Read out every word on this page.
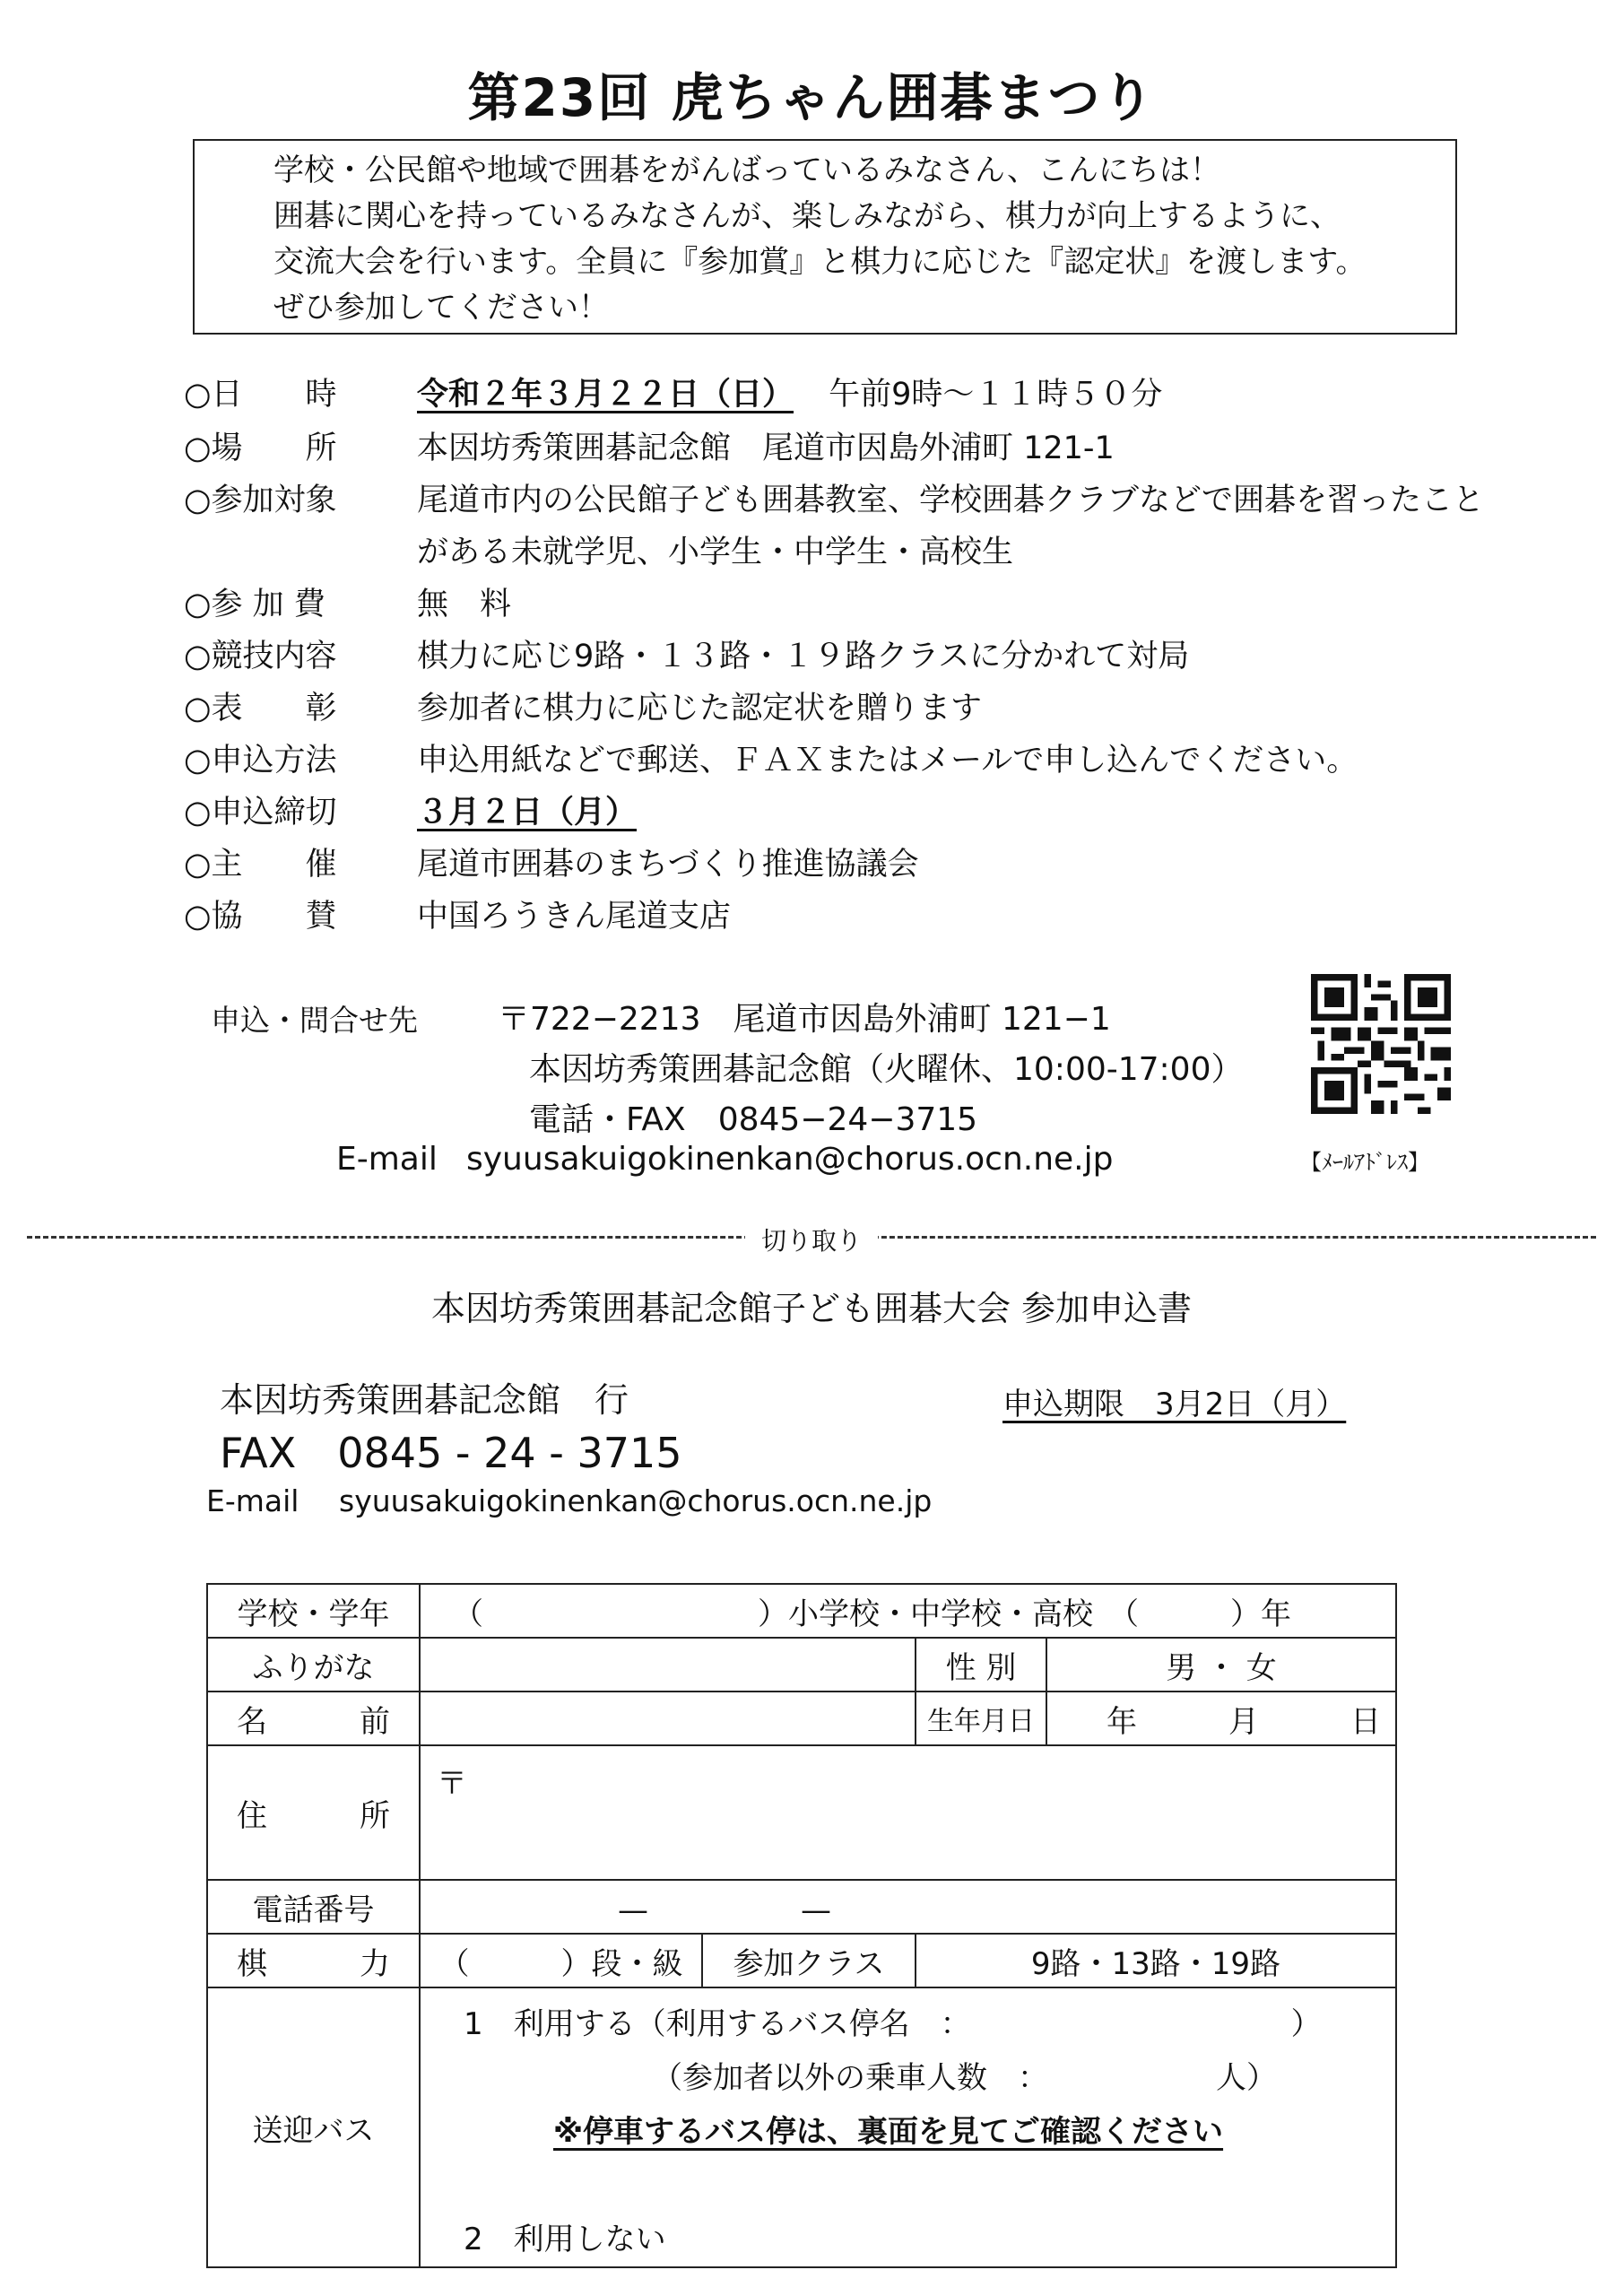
第23回 虎ちゃん囲碁まつり
学校・公民館や地域で囲碁をがんばっているみなさん、こんにちは！
囲碁に関心を持っているみなさんが、楽しみながら、棋力が向上するように、
交流大会を行います。全員に『参加賞』と棋力に応じた『認定状』を渡します。
ぜひ参加してください！
○日　　時	令和２年３月２２日（日） 午前9時～１１時５０分
○場　　所	本因坊秀策囲碁記念館　尾道市因島外浦町 121-1
○参加対象	尾道市内の公民館子ども囲碁教室、学校囲碁クラブなどで囲碁を習ったこと
がある未就学児、小学生・中学生・高校生
○参 加 費	無　料
○競技内容	棋力に応じ9路・１３路・１９路クラスに分かれて対局
○表　　彰	参加者に棋力に応じた認定状を贈ります
○申込方法	申込用紙などで郵送、ＦＡＸまたはメールで申し込んでください。
○申込締切	３月２日（月）
○主　　催	尾道市囲碁のまちづくり推進協議会
○協　　賛	中国ろうきん尾道支店
申込・問合せ先 〒722−2213　尾道市因島外浦町 121−1
本因坊秀策囲碁記念館（火曜休、10:00-17:00）
電話・FAX　0845−24−3715
E-mail syuusakuigokinenkan@chorus.ocn.ne.jp	【ﾒｰﾙｱﾄﾞﾚｽ】
切り取り
本因坊秀策囲碁記念館子ども囲碁大会 参加申込書
本因坊秀策囲碁記念館　行	申込期限　3月2日（月）
FAX　0845 - 24 - 3715
E-mail syuusakuigokinenkan@chorus.ocn.ne.jp
学校・学年	（　　　　　　　　　）小学校・中学校・高校　（　　　）年			
ふりがな			性 別	男 ・ 女
名　　前			生年月日	年　　　月　　　日
住　　所	〒			
電話番号	—　　　　　—			
棋　　力	（　　　）段・級	参加クラス	9路・13路・19路	
送迎バス	1　利用する（利用するバス停名　：　　　　　　　　　　　）
（参加者以外の乗車人数　：　　　　　　人）
※停車するバス停は、裏面を見てご確認ください
2　利用しない			
